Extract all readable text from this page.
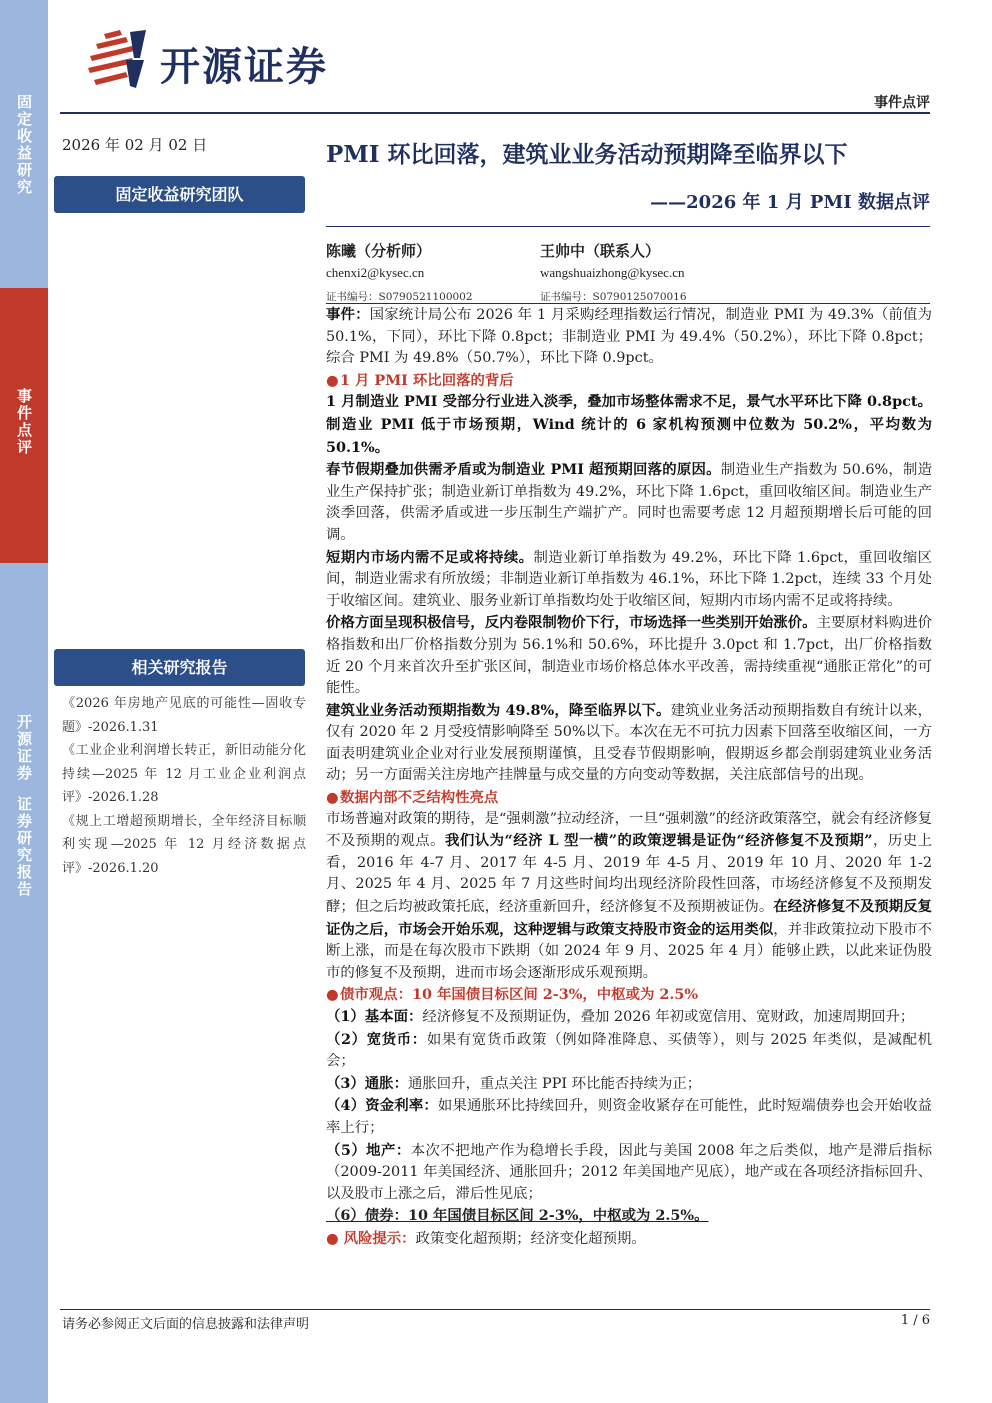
固定收益研究
事件点评
开源证券
证券研究报告
开源证券
事件点评
2026 年 02 月 02 日
固定收益研究团队
相关研究报告
《2026 年房地产见底的可能性—固收专题》-2026.1.31
《工业企业利润增长转正，新旧动能分化持续—2025 年 12 月工业企业利润点评》-2026.1.28
《规上工增超预期增长，全年经济目标顺利实现—2025 年 12 月经济数据点评》-2026.1.20
PMI 环比回落，建筑业业务活动预期降至临界以下
——2026 年 1 月 PMI 数据点评
陈曦（分析师）
chenxi2@kysec.cn
证书编号：S0790521100002
王帅中（联系人）
wangshuaizhong@kysec.cn
证书编号：S0790125070016

事件：国家统计局公布 2026 年 1 月采购经理指数运行情况，制造业 PMI 为 49.3%（前值为 50.1%，下同），环比下降 0.8pct；非制造业 PMI 为 49.4%（50.2%），环比下降 0.8pct；综合 PMI 为 49.8%（50.7%），环比下降 0.9pct。

● 1 月 PMI 环比回落的背后

1 月制造业 PMI 受部分行业进入淡季，叠加市场整体需求不足，景气水平环比下降 0.8pct。制造业 PMI 低于市场预期，Wind 统计的 6 家机构预测中位数为 50.2%，平均数为 50.1%。

春节假期叠加供需矛盾或为制造业 PMI 超预期回落的原因。制造业生产指数为 50.6%，制造业生产保持扩张；制造业新订单指数为 49.2%，环比下降 1.6pct，重回收缩区间。制造业生产淡季回落，供需矛盾或进一步压制生产端扩产。同时也需要考虑 12 月超预期增长后可能的回调。

短期内市场内需不足或将持续。制造业新订单指数为 49.2%，环比下降 1.6pct，重回收缩区间，制造业需求有所放缓；非制造业新订单指数为 46.1%，环比下降 1.2pct，连续 33 个月处于收缩区间。建筑业、服务业新订单指数均处于收缩区间，短期内市场内需不足或将持续。

价格方面呈现积极信号，反内卷限制物价下行，市场选择一些类别开始涨价。主要原材料购进价格指数和出厂价格指数分别为 56.1%和 50.6%，环比提升 3.0pct 和 1.7pct，出厂价格指数近 20 个月来首次升至扩张区间，制造业市场价格总体水平改善，需持续重视“通胀正常化”的可能性。

建筑业业务活动预期指数为 49.8%，降至临界以下。建筑业业务活动预期指数自有统计以来，仅有 2020 年 2 月受疫情影响降至 50%以下。本次在无不可抗力因素下回落至收缩区间，一方面表明建筑业企业对行业发展预期谨慎，且受春节假期影响，假期返乡都会削弱建筑业业务活动；另一方面需关注房地产挂牌量与成交量的方向变动等数据，关注底部信号的出现。

● 数据内部不乏结构性亮点

市场普遍对政策的期待，是“强刺激”拉动经济，一旦“强刺激”的经济政策落空，就会有经济修复不及预期的观点。我们认为“经济 L 型一横”的政策逻辑是证伪“经济修复不及预期”，历史上看，2016 年 4-7 月、2017 年 4-5 月、2019 年 4-5 月、2019 年 10 月、2020 年 1-2 月、2025 年 4 月、2025 年 7 月这些时间均出现经济阶段性回落，市场经济修复不及预期发酵；但之后均被政策托底，经济重新回升，经济修复不及预期被证伪。在经济修复不及预期反复证伪之后，市场会开始乐观，这种逻辑与政策支持股市资金的运用类似，并非政策拉动下股市不断上涨，而是在每次股市下跌期（如 2024 年 9 月、2025 年 4 月）能够止跌，以此来证伪股市的修复不及预期，进而市场会逐渐形成乐观预期。

● 债市观点：10 年国债目标区间 2-3%，中枢或为 2.5%

（1）基本面：经济修复不及预期证伪，叠加 2026 年初或宽信用、宽财政，加速周期回升；

（2）宽货币：如果有宽货币政策（例如降准降息、买债等），则与 2025 年类似，是减配机会；

（3）通胀：通胀回升，重点关注 PPI 环比能否持续为正；

（4）资金利率：如果通胀环比持续回升，则资金收紧存在可能性，此时短端债券也会开始收益率上行；

（5）地产：本次不把地产作为稳增长手段，因此与美国 2008 年之后类似，地产是滞后指标（2009-2011 年美国经济、通胀回升；2012 年美国地产见底），地产或在各项经济指标回升、以及股市上涨之后，滞后性见底；

（6）债券：10 年国债目标区间 2-3%，中枢或为 2.5%。

● 风险提示：政策变化超预期；经济变化超预期。

请务必参阅正文后面的信息披露和法律声明	1 / 6
